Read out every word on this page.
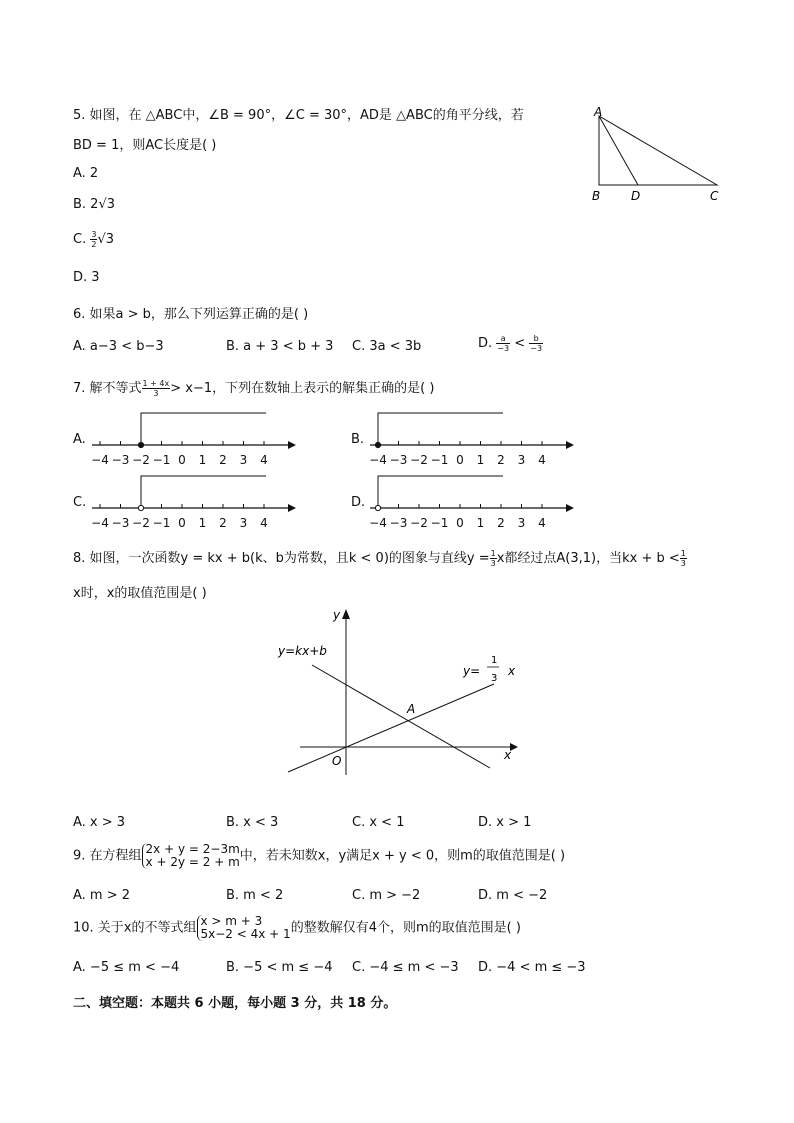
5. 如图，在 △ABC中，∠B = 90°，∠C = 30°，AD是 △ABC的角平分线，若
BD = 1，则AC长度是( )
A. 2
B. 2√3
C. $\frac{3}{2} √3$
D. 3
A
B	D	C
6. 如果a > b，那么下列运算正确的是( )
A. a−3 < b−3	B. a + 3 < b + 3 C. 3a < 3b	D. $\frac{a}{-3} < \frac{b}{-3}$
7. 解不等式 $\frac{1 + 4x}{3} > x-1$，下列在数轴上表示的解集正确的是( )
A.	B.
C.	D.
−4 −3 −2 −1 0 1 2 3 4	−4 −3 −2 −1 0 1 2 3 4
−4 −3 −2 −1 0 1 2 3 4	−4 −3 −2 −1 0 1 2 3 4
8. 如图，一次函数y = kx + b(k、b为常数，且k < 0)的图象与直线$y = \frac{1}{3}$ x都经过点A(3,1)，当kx + $b < \frac{1}{3}$
x时，x的取值范围是( )
y=kx+b
y=
1
3
x
A
O	x
y
A. x > 3	B. x < 3	C. x < 1	D. x > 1
9. 在方程组 2x + y = 2−3m
x + 2y = 2 + m 中，若未知数x，y满足x + y < 0，则m的取值范围是( )
A. m > 2	B. m < 2	C. m > −2	D. m < −2
10. 关于x的不等式组 x > m + 3
5x−2 < 4x + 1 的整数解仅有4个，则m的取值范围是( )
A. −5 ≤ m < −4	B. −5 < m ≤ −4 C. −4 ≤ m < −3 D. −4 < m ≤ −3
二、填空题：本题共 6 小题，每小题 3 分，共 18 分。
